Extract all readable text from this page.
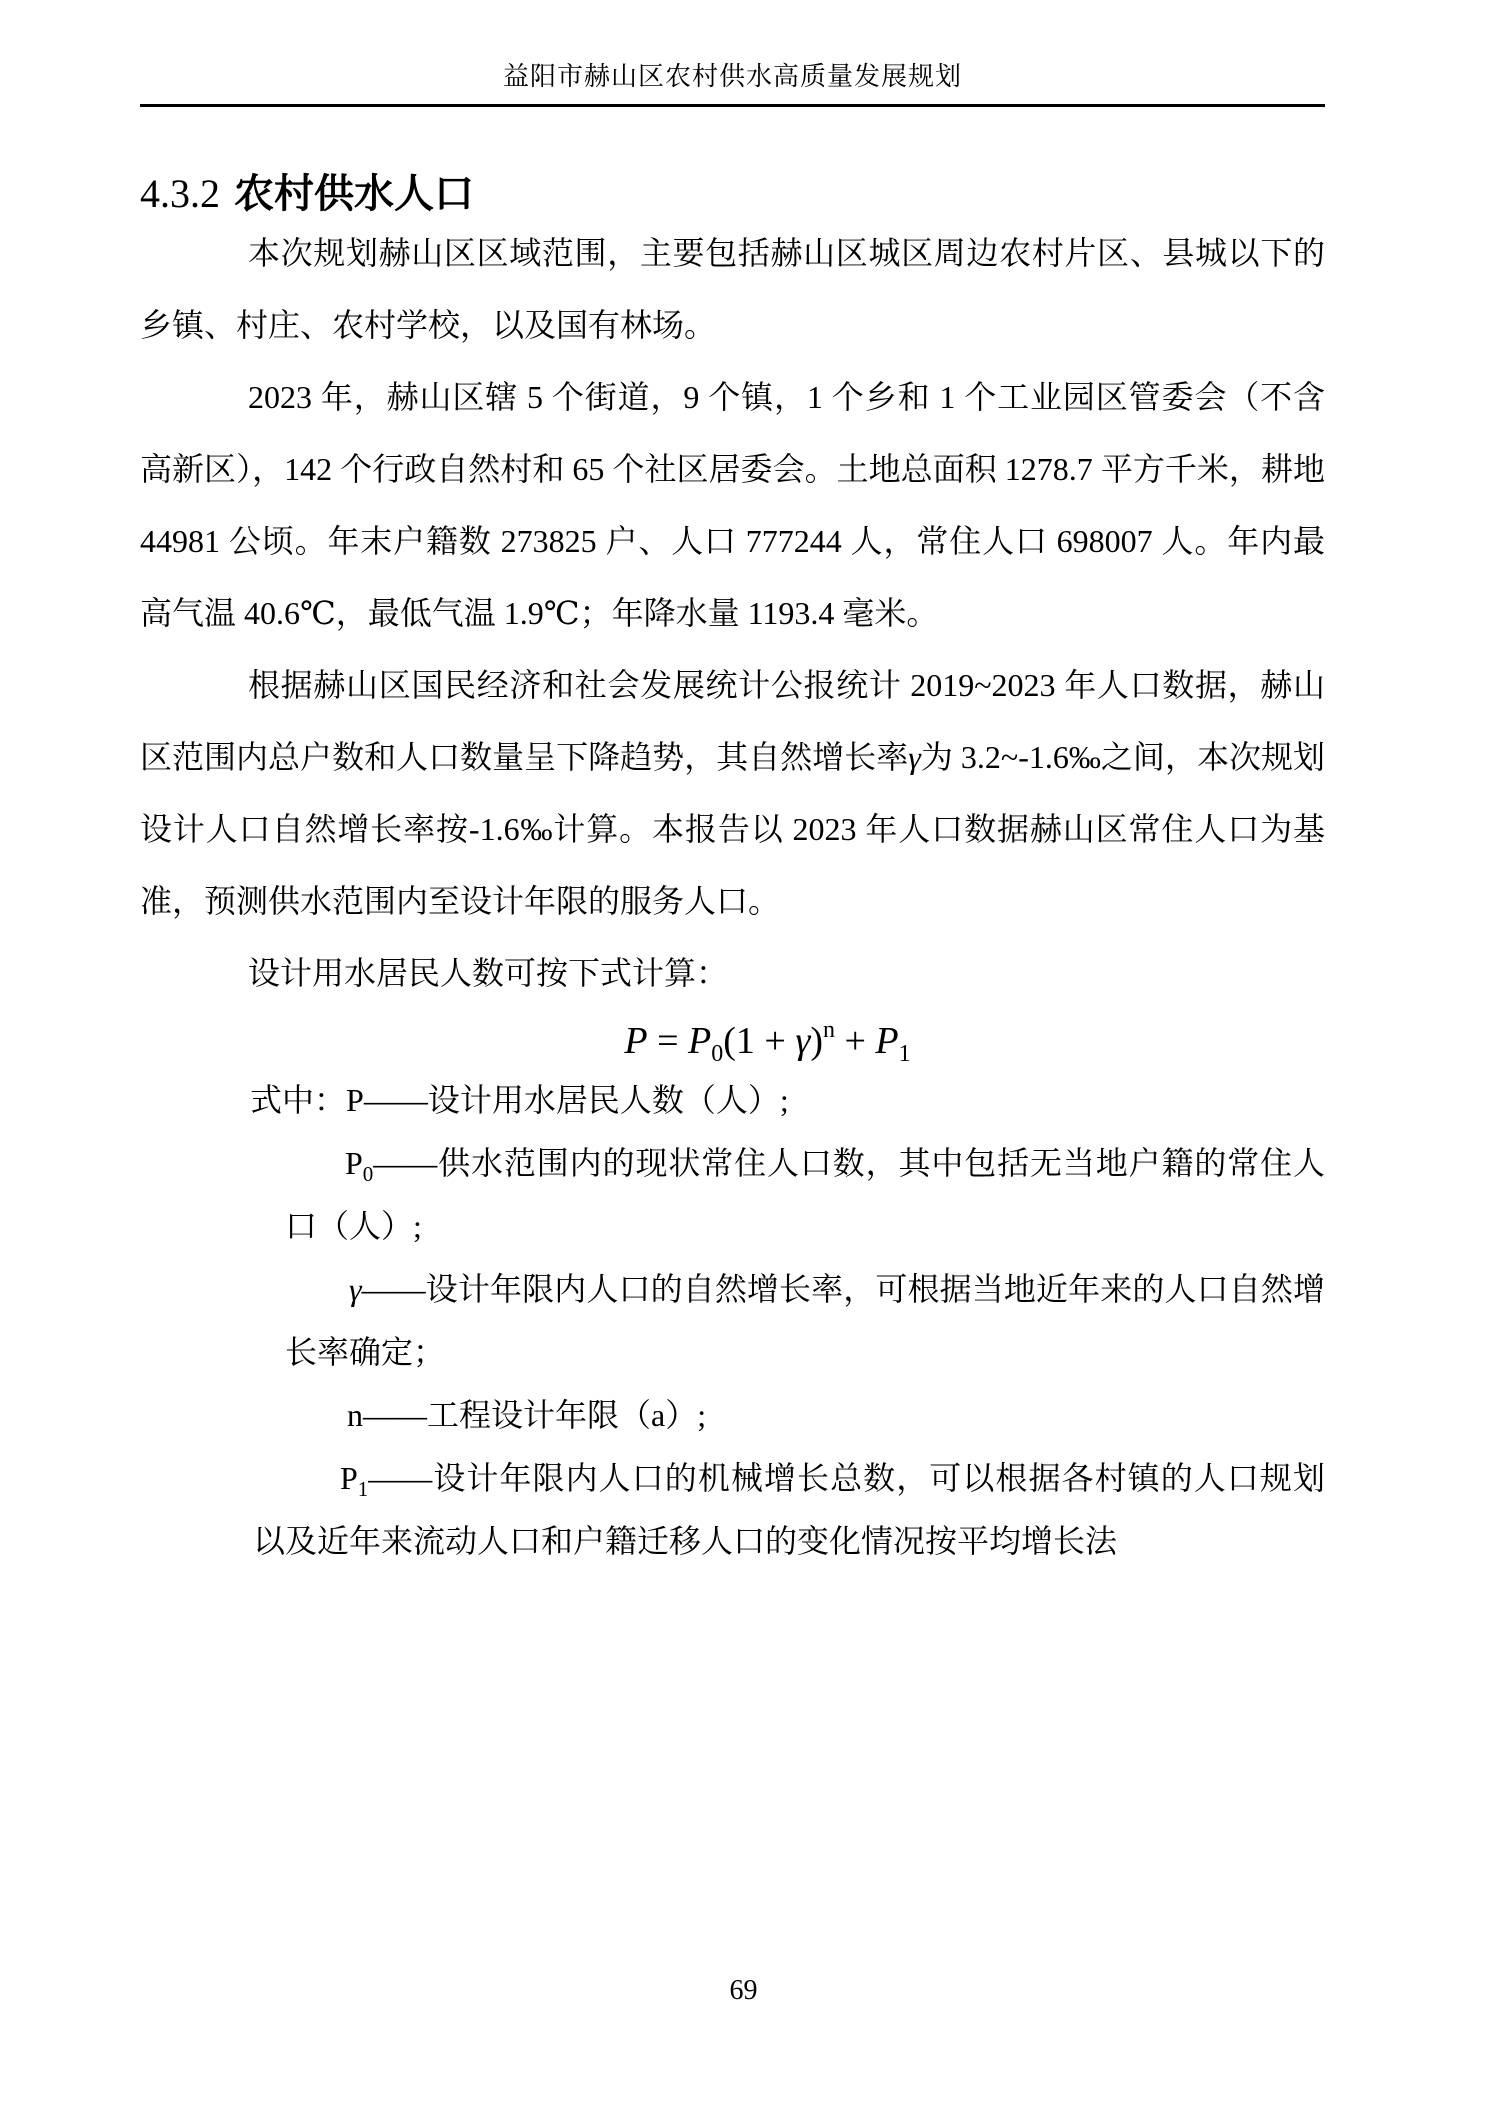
益阳市赫山区农村供水高质量发展规划
4.3.2 农村供水人口

本次规划赫山区区域范围，主要包括赫山区城区周边农村片区、县城以下的乡镇、村庄、农村学校，以及国有林场。

2023 年，赫山区辖 5 个街道，9 个镇，1 个乡和 1 个工业园区管委会（不含高新区），142 个行政自然村和 65 个社区居委会。土地总面积 1278.7 平方千米，耕地 44981 公顷。年末户籍数 273825 户、人口 777244 人，常住人口 698007 人。年内最高气温 40.6℃，最低气温 1.9℃；年降水量 1193.4 毫米。

根据赫山区国民经济和社会发展统计公报统计 2019~2023 年人口数据，赫山区范围内总户数和人口数量呈下降趋势，其自然增长率γ为 3.2~-1.6‰之间，本次规划设计人口自然增长率按-1.6‰计算。本报告以 2023 年人口数据赫山区常住人口为基准，预测供水范围内至设计年限的服务人口。

设计用水居民人数可按下式计算：

$P = P_0(1 + \gamma)^n + P_1$

式中：P——设计用水居民人数（人）;

$P_0——$供水范围内的现状常住人口数，其中包括无当地户籍的常住人口（人）;

γ——设计年限内人口的自然增长率，可根据当地近年来的人口自然增长率确定；

n——工程设计年限（a）;

$P_1——$设计年限内人口的机械增长总数，可以根据各村镇的人口规划以及近年来流动人口和户籍迁移人口的变化情况按平均增长法

69
